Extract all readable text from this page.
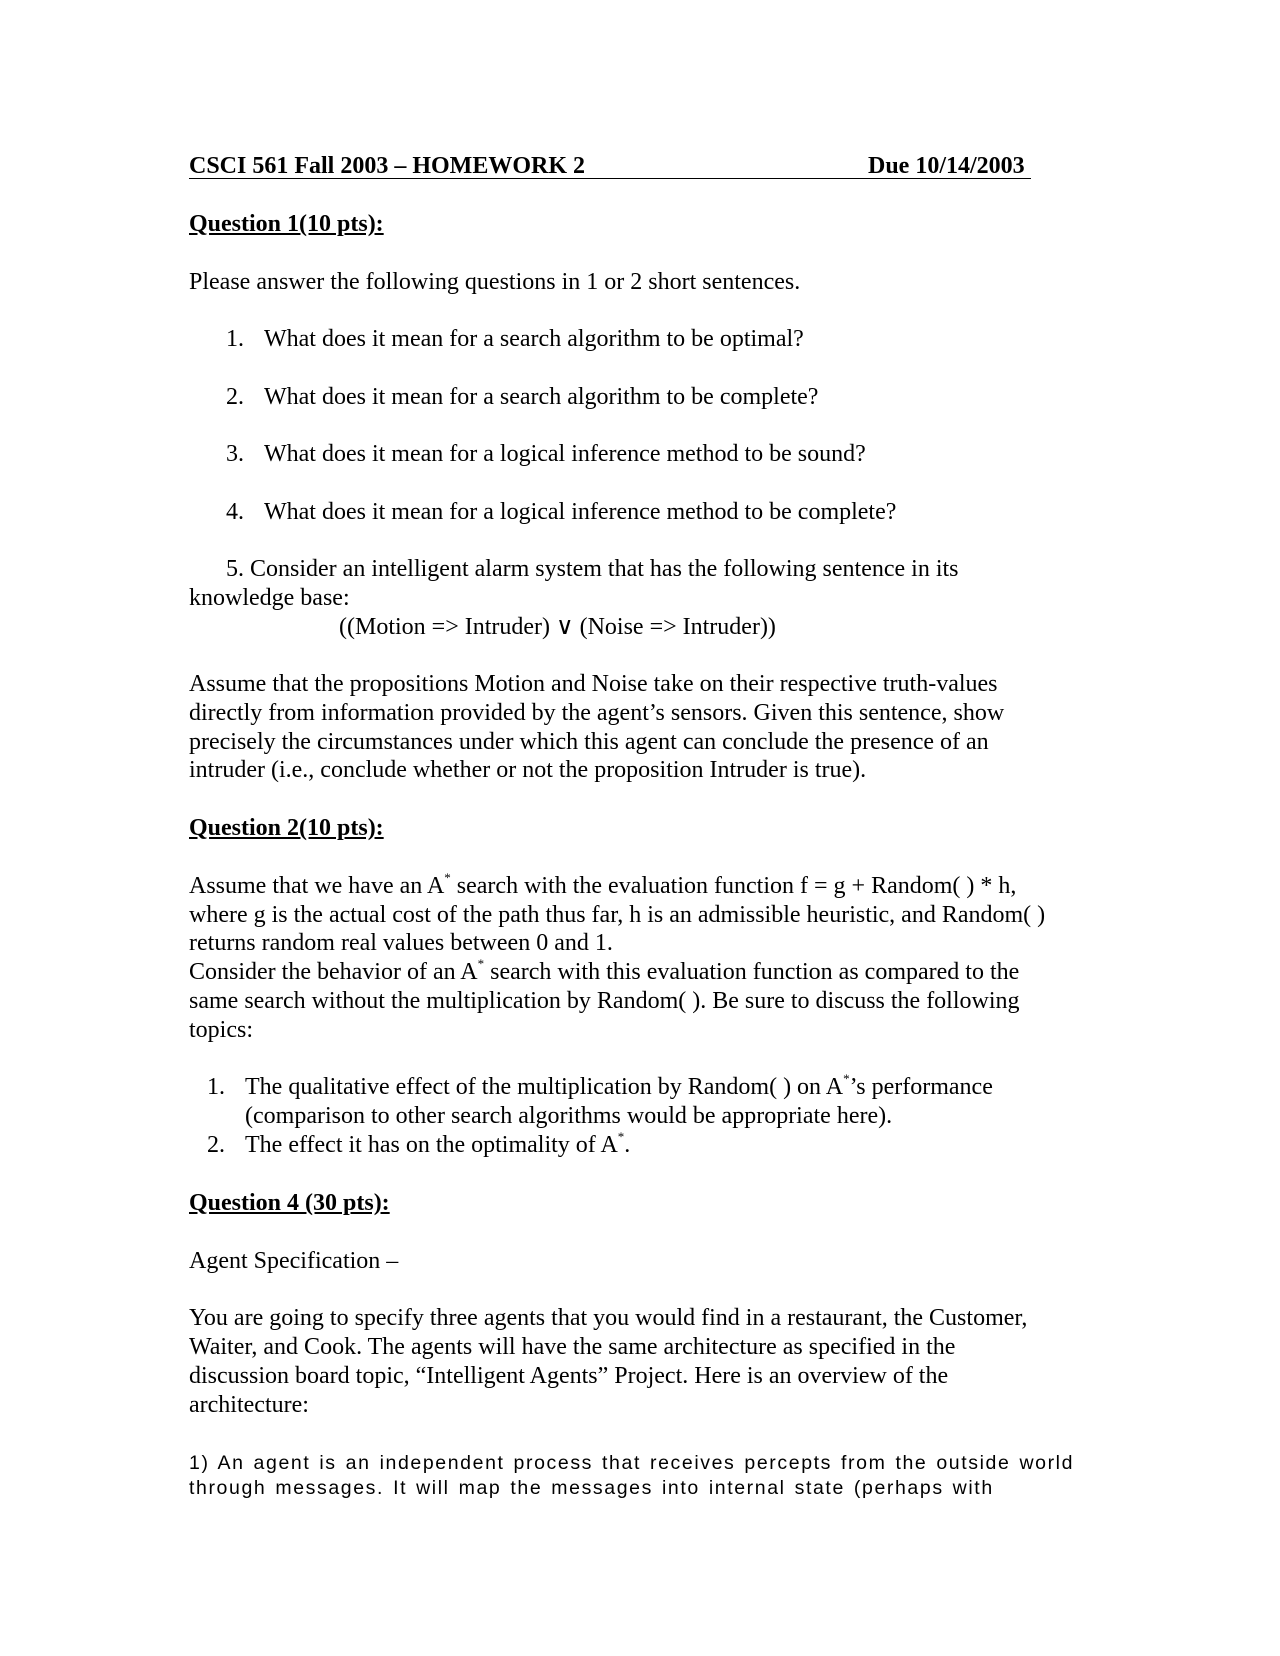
CSCI 561 Fall 2003 – HOMEWORK 2	Due 10/14/2003
Question 1(10 pts):
Please answer the following questions in 1 or 2 short sentences.
1. What does it mean for a search algorithm to be optimal?
2. What does it mean for a search algorithm to be complete?
3. What does it mean for a logical inference method to be sound?
4. What does it mean for a logical inference method to be complete?
5. Consider an intelligent alarm system that has the following sentence in its
knowledge base:
((Motion => Intruder) ∨ (Noise => Intruder))
Assume that the propositions Motion and Noise take on their respective truth-values
directly from information provided by the agent’s sensors. Given this sentence, show
precisely the circumstances under which this agent can conclude the presence of an
intruder (i.e., conclude whether or not the proposition Intruder is true).
Question 2(10 pts):
Assume that we have an A* search with the evaluation function f = g + Random( ) * h,
where g is the actual cost of the path thus far, h is an admissible heuristic, and Random( )
returns random real values between 0 and 1.
Consider the behavior of an A* search with this evaluation function as compared to the
same search without the multiplication by Random( ). Be sure to discuss the following
topics:
1. The qualitative effect of the multiplication by Random( ) on A*’s performance
(comparison to other search algorithms would be appropriate here).
2. The effect it has on the optimality of A*.
Question 4 (30 pts):
Agent Specification –
You are going to specify three agents that you would find in a restaurant, the Customer,
Waiter, and Cook. The agents will have the same architecture as specified in the
discussion board topic, “Intelligent Agents” Project. Here is an overview of the
architecture:
1) An agent is an independent process that receives percepts from the outside world
through messages. It will map the messages into internal state (perhaps with
